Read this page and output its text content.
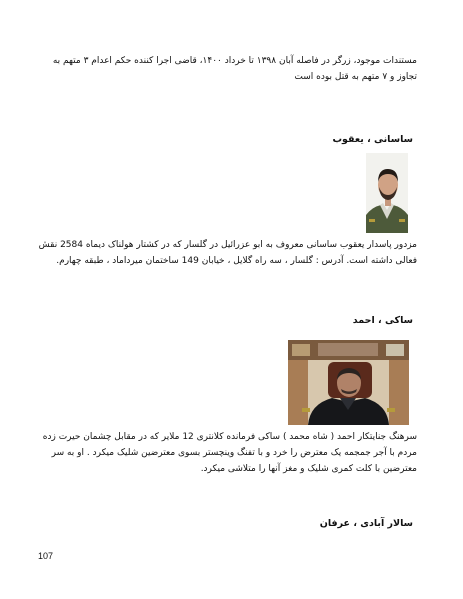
مستندات موجود، زرگر در فاصله آبان ۱۳۹۸ تا خرداد ۱۴۰۰، قاضی اجرا کننده حکم اعدام ۳ متهم به
تجاوز و ۷ متهم به قتل بوده است
ساسانی ، یعقوب
مزدور پاسدار یعقوب ساسانی معروف به ابو عزرائیل در گلسار که در کشتار هولناک دیماه 2584 نقش
فعالی داشته است. آدرس : گلسار ، سه راه گلایل ، خیابان 149 ساختمان میرداماد ، طبقه چهارم.
ساکی ، احمد
سرهنگ جنایتکار احمد ( شاه محمد ) ساکی فرمانده کلانتری 12 ملایر که در مقابل چشمان حیرت زده
مردم با آجر جمجمه یک معترض را خرد و با تفنگ وینچستر بسوی معترضین شلیک میکرد . او به سر
معترضین با کلت کمری شلیک و مغز آنها را متلاشی میکرد.
سالار آبادی ، عرفان
107
